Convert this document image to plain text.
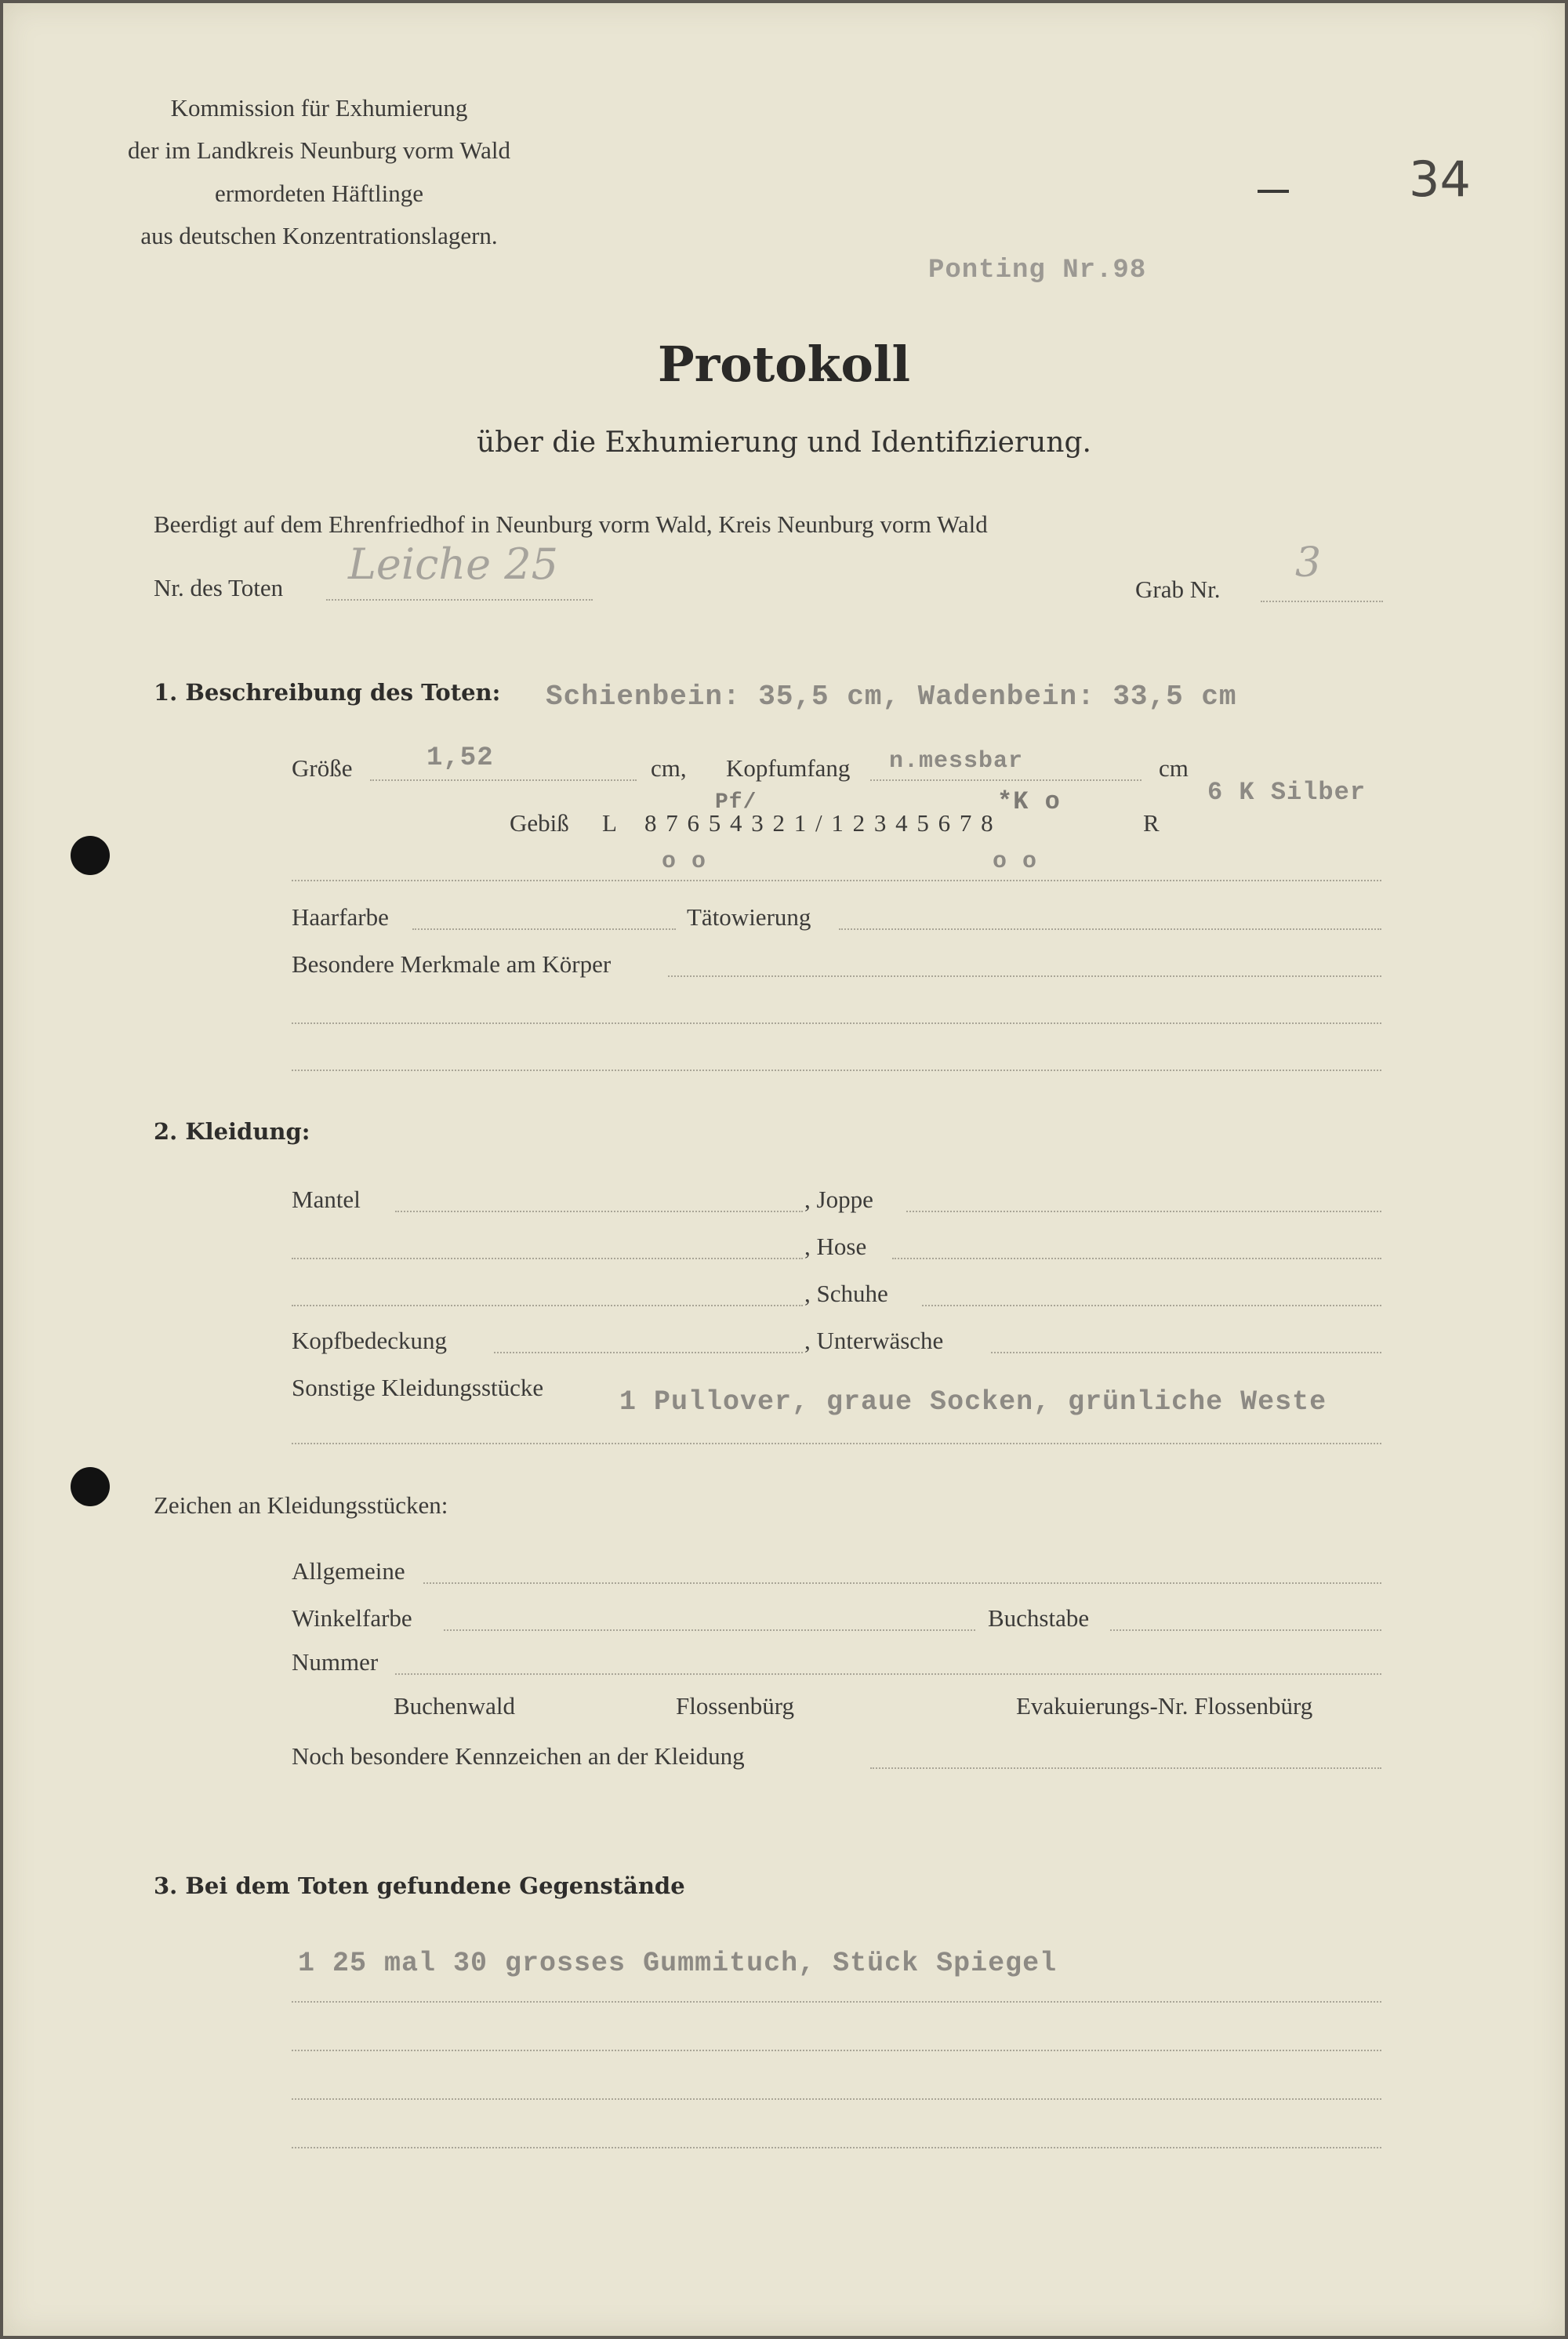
Kommission für Exhumierung
der im Landkreis Neunburg vorm Wald
ermordeten Häftlinge
aus deutschen Konzentrationslagern.
34
Ponting Nr.98
Protokoll
über die Exhumierung und Identifizierung.
Beerdigt auf dem Ehrenfriedhof in Neunburg vorm Wald, Kreis Neunburg vorm Wald
Nr. des Toten Leiche 25
Grab Nr.
3
1. Beschreibung des Toten: Schienbein: 35,5 cm, Wadenbein: 33,5 cm
Größe	1,52	cm, Kopfumfang n.messbar	cm
Gebiß L 8 7 6 5 4 3 2 1 / 1 2 3 4 5 6 7 8	R
Pf/	*K o	6 K Silber
o o	o o
Haarfarbe	Tätowierung
Besondere Merkmale am Körper
2. Kleidung:
Mantel	, Joppe
, Hose
, Schuhe
Kopfbedeckung	, Unterwäsche
Sonstige Kleidungsstücke	1 Pullover, graue Socken, grünliche Weste
Zeichen an Kleidungsstücken:
Allgemeine
Winkelfarbe	Buchstabe
Nummer
Buchenwald	Flossenbürg	Evakuierungs-Nr. Flossenbürg
Noch besondere Kennzeichen an der Kleidung
3. Bei dem Toten gefundene Gegenstände
1 25 mal 30 grosses Gummituch, Stück Spiegel
